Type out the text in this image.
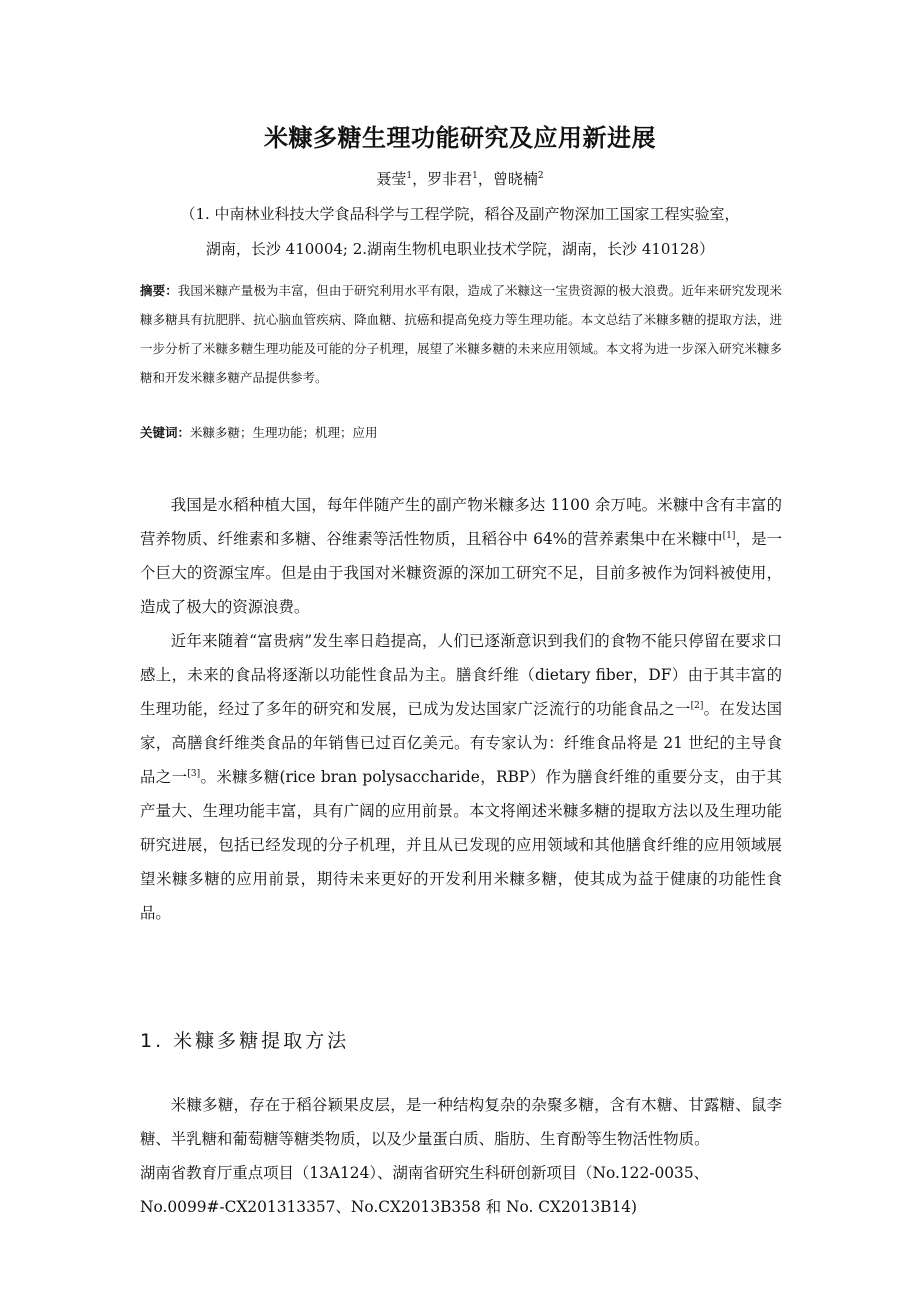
米糠多糖生理功能研究及应用新进展
聂莹$^1$，罗非君$^1$，曾晓楠$^2$
（1. 中南林业科技大学食品科学与工程学院，稻谷及副产物深加工国家工程实验室，
湖南，长沙 410004; 2.湖南生物机电职业技术学院，湖南，长沙 410128）
摘要：我国米糠产量极为丰富，但由于研究利用水平有限，造成了米糠这一宝贵资源的极大浪费。近年来研究发现米糠多糖具有抗肥胖、抗心脑血管疾病、降血糖、抗癌和提高免疫力等生理功能。本文总结了米糠多糖的提取方法，进一步分析了米糠多糖生理功能及可能的分子机理，展望了米糠多糖的未来应用领域。本文将为进一步深入研究米糠多糖和开发米糠多糖产品提供参考。
关键词：米糠多糖；生理功能；机理；应用

我国是水稻种植大国，每年伴随产生的副产物米糠多达 1100 余万吨。米糠中含有丰富的营养物质、纤维素和多糖、谷维素等活性物质，且稻谷中 64%的营养素集中在米糠中[1]，是一个巨大的资源宝库。但是由于我国对米糠资源的深加工研究不足，目前多被作为饲料被使用，造成了极大的资源浪费。

近年来随着“富贵病”发生率日趋提高，人们已逐渐意识到我们的食物不能只停留在要求口感上，未来的食品将逐渐以功能性食品为主。膳食纤维（dietary fiber，DF）由于其丰富的生理功能，经过了多年的研究和发展，已成为发达国家广泛流行的功能食品之一[2]。在发达国家，高膳食纤维类食品的年销售已过百亿美元。有专家认为：纤维食品将是 21 世纪的主导食品之一[3]。米糠多糖(rice bran polysaccharide，RBP）作为膳食纤维的重要分支，由于其产量大、生理功能丰富，具有广阔的应用前景。本文将阐述米糠多糖的提取方法以及生理功能研究进展，包括已经发现的分子机理，并且从已发现的应用领域和其他膳食纤维的应用领域展望米糠多糖的应用前景，期待未来更好的开发利用米糠多糖，使其成为益于健康的功能性食品。

1. 米糠多糖提取方法

米糠多糖，存在于稻谷颖果皮层，是一种结构复杂的杂聚多糖，含有木糖、甘露糖、鼠李糖、半乳糖和葡萄糖等糖类物质，以及少量蛋白质、脂肪、生育酚等生物活性物质。

湖南省教育厅重点项目（13A124）、湖南省研究生科研创新项目（No.122-0035、

No.0099#-CX201313357、No.CX2013B358 和 No. CX2013B14)
